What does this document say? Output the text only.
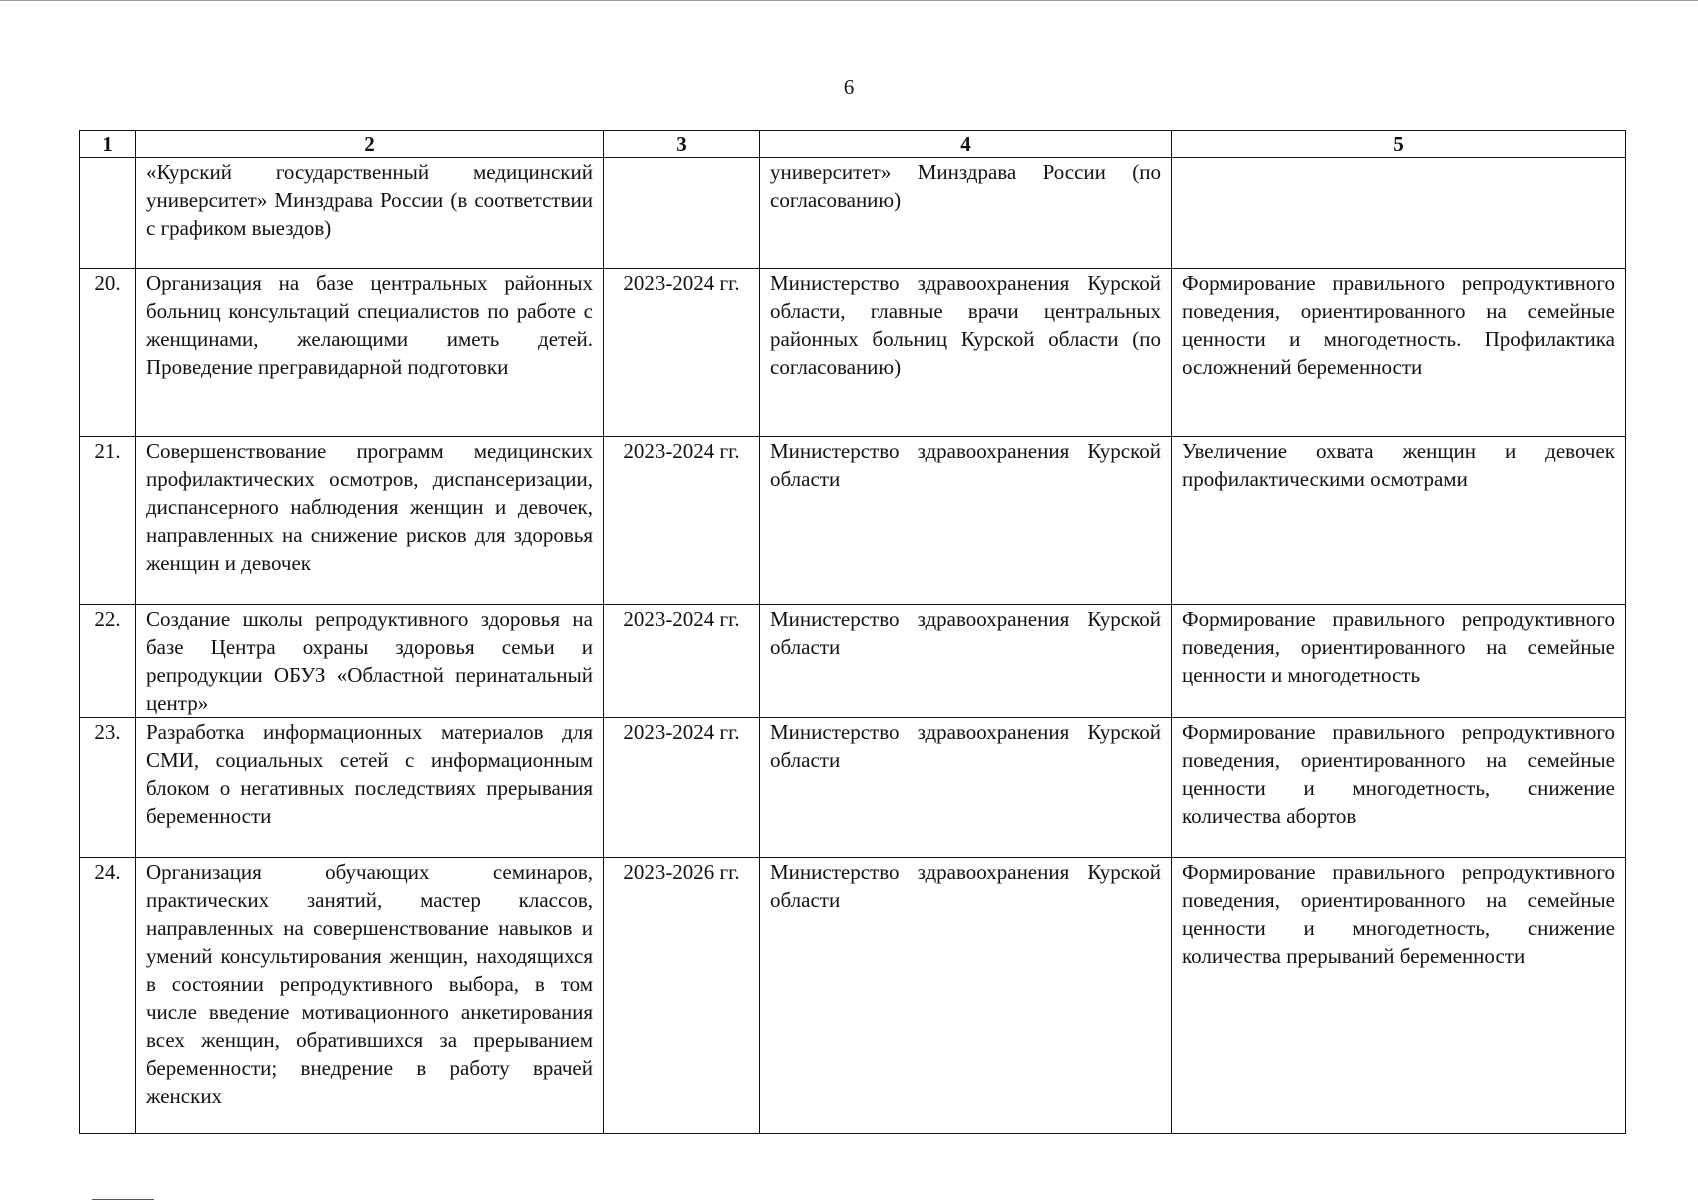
6
1	2	3	4	5
	«Курский государственный медицинский университет» Минздрава России (в соответствии с графиком выездов)		университет» Минздрава России (по согласованию)	
20.	Организация на базе центральных районных больниц консультаций специалистов по работе с женщинами, желающими иметь детей. Проведение прегравидарной подготовки	2023-2024 гг.	Министерство здравоохранения Курской области, главные врачи центральных районных больниц Курской области (по согласованию)	Формирование правильного репродуктивного поведения, ориентированного на семейные ценности и многодетность. Профилактика осложнений беременности
21.	Совершенствование программ медицинских профилактических осмотров, диспансеризации, диспансерного наблюдения женщин и девочек, направленных на снижение рисков для здоровья женщин и девочек	2023-2024 гг.	Министерство здравоохранения Курской области	Увеличение охвата женщин и девочек профилактическими осмотрами
22.	Создание школы репродуктивного здоровья на базе Центра охраны здоровья семьи и репродукции ОБУЗ «Областной перинатальный центр»	2023-2024 гг.	Министерство здравоохранения Курской области	Формирование правильного репродуктивного поведения, ориентированного на семейные ценности и многодетность
23.	Разработка информационных материалов для СМИ, социальных сетей с информационным блоком о негативных последствиях прерывания беременности	2023-2024 гг.	Министерство здравоохранения Курской области	Формирование правильного репродуктивного поведения, ориентированного на семейные ценности и многодетность, снижение количества абортов
24.	Организация обучающих семинаров, практических занятий, мастер классов, направленных на совершенствование навыков и умений консультирования женщин, находящихся в состоянии репродуктивного выбора, в том числе введение мотивационного анкетирования всех женщин, обратившихся за прерыванием беременности; внедрение в работу врачей женских	2023-2026 гг.	Министерство здравоохранения Курской области	Формирование правильного репродуктивного поведения, ориентированного на семейные ценности и многодетность, снижение количества прерываний беременности
